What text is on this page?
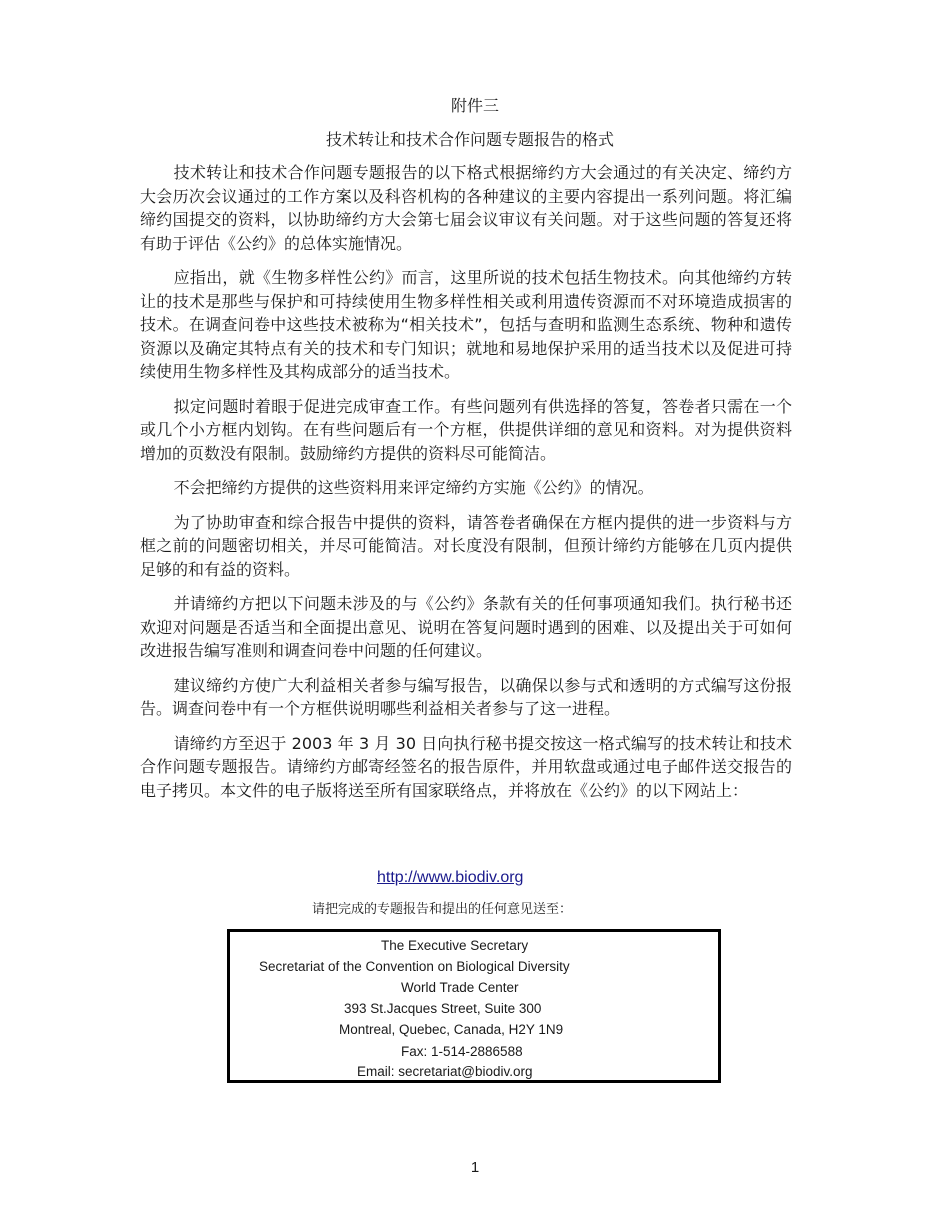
附件三
技术转让和技术合作问题专题报告的格式

技术转让和技术合作问题专题报告的以下格式根据缔约方大会通过的有关决定、缔约方大会历次会议通过的工作方案以及科咨机构的各种建议的主要内容提出一系列问题。将汇编缔约国提交的资料，以协助缔约方大会第七届会议审议有关问题。对于这些问题的答复还将有助于评估《公约》的总体实施情况。

应指出，就《生物多样性公约》而言，这里所说的技术包括生物技术。向其他缔约方转让的技术是那些与保护和可持续使用生物多样性相关或利用遗传资源而不对环境造成损害的技术。在调查问卷中这些技术被称为“相关技术”，包括与查明和监测生态系统、物种和遗传资源以及确定其特点有关的技术和专门知识；就地和易地保护采用的适当技术以及促进可持续使用生物多样性及其构成部分的适当技术。

拟定问题时着眼于促进完成审查工作。有些问题列有供选择的答复，答卷者只需在一个或几个小方框内划钩。在有些问题后有一个方框，供提供详细的意见和资料。对为提供资料增加的页数没有限制。鼓励缔约方提供的资料尽可能简洁。

不会把缔约方提供的这些资料用来评定缔约方实施《公约》的情况。

为了协助审查和综合报告中提供的资料，请答卷者确保在方框内提供的进一步资料与方框之前的问题密切相关，并尽可能简洁。对长度没有限制，但预计缔约方能够在几页内提供足够的和有益的资料。

并请缔约方把以下问题未涉及的与《公约》条款有关的任何事项通知我们。执行秘书还欢迎对问题是否适当和全面提出意见、说明在答复问题时遇到的困难、以及提出关于可如何改进报告编写准则和调查问卷中问题的任何建议。

建议缔约方使广大利益相关者参与编写报告，以确保以参与式和透明的方式编写这份报告。调查问卷中有一个方框供说明哪些利益相关者参与了这一进程。

请缔约方至迟于 2003 年 3 月 30 日向执行秘书提交按这一格式编写的技术转让和技术合作问题专题报告。请缔约方邮寄经签名的报告原件，并用软盘或通过电子邮件送交报告的电子拷贝。本文件的电子版将送至所有国家联络点，并将放在《公约》的以下网站上：

http://www.biodiv.org
请把完成的专题报告和提出的任何意见送至：
The Executive Secretary
Secretariat of the Convention on Biological Diversity
World Trade Center
393 St.Jacques Street, Suite 300
Montreal, Quebec, Canada, H2Y 1N9
Fax: 1-514-2886588
Email: secretariat@biodiv.org
1
